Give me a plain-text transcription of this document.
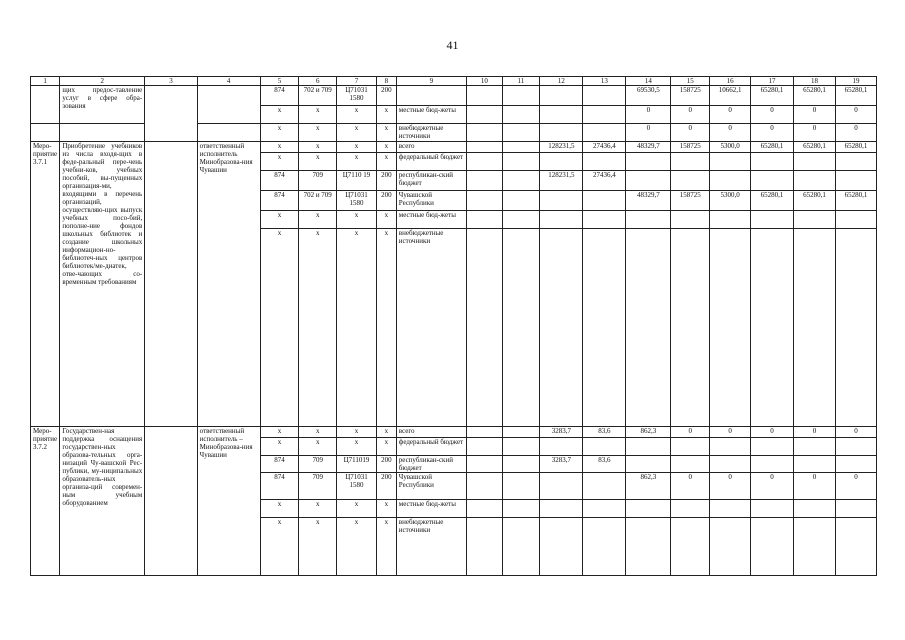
41
1	2	3	4	5	6	7	8	9	10	11	12	13	14	15	16	17	18	19
	щих предос-тавление услуг в сфере обра-зования			874	702 и 709	Ц71031 1580	200						69530,5	158725	10662,1	65280,1	65280,1	65280,1
				х	х	х	х	местные бюд-жеты					0	0	0	0	0	0
				х	х	х	х	внебюджетные источники					0	0	0	0	0	0
Меро-приятие 3.7.1	Приобретение учебников из числа входя-щих в феде-ральный пере-чень учебни-ков, учебных пособий, вы-пущенных организация-ми, входящими в перечень организаций, осуществляю-щих выпуск учебных посо-бий, пополне-ние фондов школьных библиотек и создание школьных информацион-но-библиотеч-ных центров библиотек/ме-диатек, отве-чающих со-временным требованиям		ответственный исполнитель Минобразова-ния Чувашии	х	х	х	х	всего			128231,5	27436,4	48329,7	158725	5300,0	65280,1	65280,1	65280,1
				х	х	х	х	федеральный бюджет										
				874	709	Ц7110 19	200	республикан-ский бюджет			128231,5	27436,4						
				874	702 и 709	Ц71031 1580	200	Чувашской Республики					48329,7	158725	5300,0	65280,1	65280,1	65280,1
				х	х	х	х	местные бюд-жеты										
				х	х	х	х	внебюджетные источники										
Меро-приятие 3.7.2	Государствен-ная поддержка оснащения государствен-ных образова-тельных орга-низаций Чу-вашской Рес-публики, му-ниципальных образователь-ных организа-ций современ-ным учебным оборудованием		ответственный исполнитель – Минобразова-ния Чувашии	х	х	х	х	всего			3283,7	83,6	862,3	0	0	0	0	0
				х	х	х	х	федеральный бюджет										
				874	709	Ц711019	200	республикан-ский бюджет			3283,7	83,6						
				874	709	Ц71031 1580	200	Чувашской Республики					862,3	0	0	0	0	0
				х	х	х	х	местные бюд-жеты										
				х	х	х	х	внебюджетные источники										
